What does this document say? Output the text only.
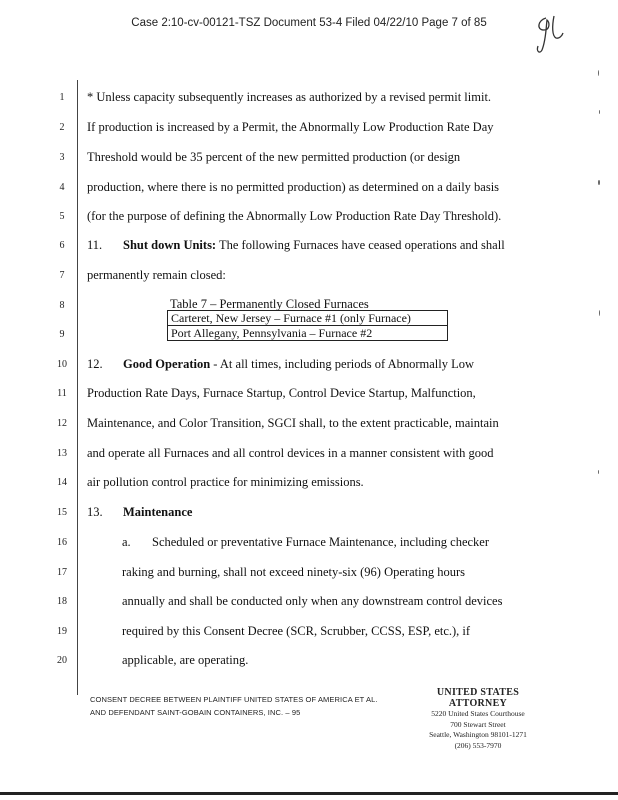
Case 2:10-cv-00121-TSZ Document 53-4 Filed 04/22/10 Page 7 of 85
1
2
3
4
5
6
7
8
9
10
11
12
13
14
15
16
17
18
19
20
* Unless capacity subsequently increases as authorized by a revised permit limit.
If production is increased by a Permit, the Abnormally Low Production Rate Day
Threshold would be 35 percent of the new permitted production (or design
production, where there is no permitted production) as determined on a daily basis
(for the purpose of defining the Abnormally Low Production Rate Day Threshold).
11. Shut down Units: The following Furnaces have ceased operations and shall
permanently remain closed:
Table 7 – Permanently Closed Furnaces
Carteret, New Jersey – Furnace #1 (only Furnace)
Port Allegany, Pennsylvania – Furnace #2
12. Good Operation - At all times, including periods of Abnormally Low
Production Rate Days, Furnace Startup, Control Device Startup, Malfunction,
Maintenance, and Color Transition, SGCI shall, to the extent practicable, maintain
and operate all Furnaces and all control devices in a manner consistent with good
air pollution control practice for minimizing emissions.
13. Maintenance
a. Scheduled or preventative Furnace Maintenance, including checker
raking and burning, shall not exceed ninety-six (96) Operating hours
annually and shall be conducted only when any downstream control devices
required by this Consent Decree (SCR, Scrubber, CCSS, ESP, etc.), if
applicable, are operating.
CONSENT DECREE BETWEEN PLAINTIFF UNITED STATES OF AMERICA ET AL.
AND DEFENDANT SAINT-GOBAIN CONTAINERS, INC. – 95
UNITED STATES ATTORNEY
5220 United States Courthouse
700 Stewart Street
Seattle, Washington 98101-1271
(206) 553-7970
